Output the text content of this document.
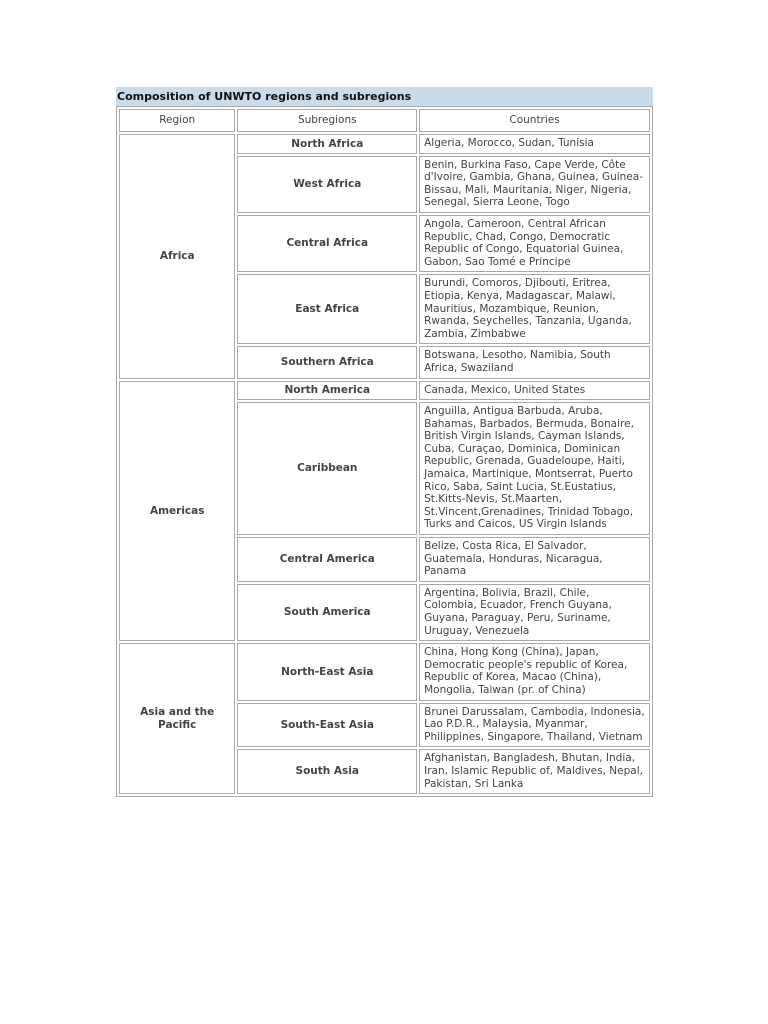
Composition of UNWTO regions and subregions
Region	Subregions	Countries
Africa	North Africa	Algeria, Morocco, Sudan, Tunisia
	West Africa	Benin, Burkina Faso, Cape Verde, Côte d'Ivoire, Gambia, Ghana, Guinea, Guinea-Bissau, Mali, Mauritania, Niger, Nigeria, Senegal, Sierra Leone, Togo
	Central Africa	Angola, Cameroon, Central African Republic, Chad, Congo, Democratic Republic of Congo, Equatorial Guinea, Gabon, Sao Tomé e Principe
	East Africa	Burundi, Comoros, Djibouti, Eritrea, Etiopia, Kenya, Madagascar, Malawi, Mauritius, Mozambique, Reunion, Rwanda, Seychelles, Tanzania, Uganda, Zambia, Zimbabwe
	Southern Africa	Botswana, Lesotho, Namibia, South Africa, Swaziland
Americas	North America	Canada, Mexico, United States
	Caribbean	Anguilla, Antigua Barbuda, Aruba, Bahamas, Barbados, Bermuda, Bonaire, British Virgin Islands, Cayman Islands, Cuba, Curaçao, Dominica, Dominican Republic, Grenada, Guadeloupe, Haiti, Jamaica, Martinique, Montserrat, Puerto Rico, Saba, Saint Lucia, St.Eustatius, St.Kitts-Nevis, St.Maarten, St.Vincent,Grenadines, Trinidad Tobago, Turks and Caicos, US Virgin Islands
	Central America	Belize, Costa Rica, El Salvador, Guatemala, Honduras, Nicaragua, Panama
	South America	Argentina, Bolivia, Brazil, Chile, Colombia, Ecuador, French Guyana, Guyana, Paraguay, Peru, Suriname, Uruguay, Venezuela
Asia and the Pacific	North-East Asia	China, Hong Kong (China), Japan, Democratic people's republic of Korea, Republic of Korea, Macao (China), Mongolia, Taiwan (pr. of China)
	South-East Asia	Brunei Darussalam, Cambodia, Indonesia, Lao P.D.R., Malaysia, Myanmar, Philippines, Singapore, Thailand, Vietnam
	South Asia	Afghanistan, Bangladesh, Bhutan, India, Iran, Islamic Republic of, Maldives, Nepal, Pakistan, Sri Lanka
